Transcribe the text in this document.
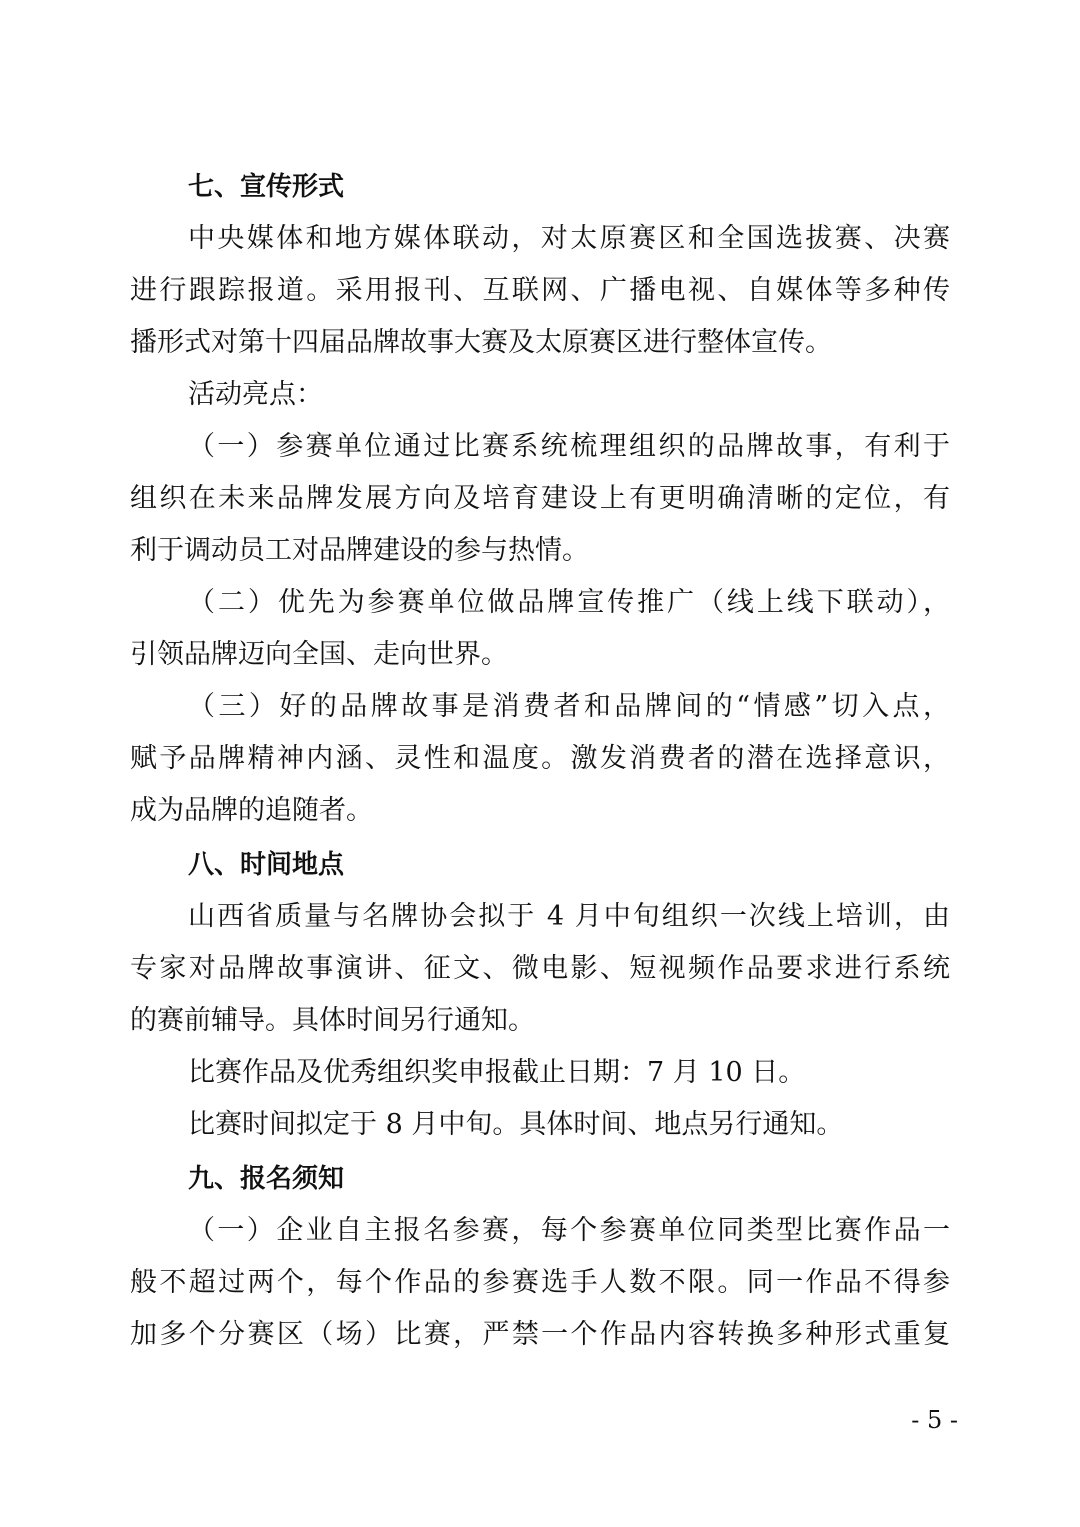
七、宣传形式
中央媒体和地方媒体联动，对太原赛区和全国选拔赛、决赛
进行跟踪报道。采用报刊、互联网、广播电视、自媒体等多种传
播形式对第十四届品牌故事大赛及太原赛区进行整体宣传。
活动亮点：
（一）参赛单位通过比赛系统梳理组织的品牌故事，有利于
组织在未来品牌发展方向及培育建设上有更明确清晰的定位，有
利于调动员工对品牌建设的参与热情。
（二）优先为参赛单位做品牌宣传推广（线上线下联动），
引领品牌迈向全国、走向世界。
（三）好的品牌故事是消费者和品牌间的“情感”切入点，
赋予品牌精神内涵、灵性和温度。激发消费者的潜在选择意识，
成为品牌的追随者。
八、时间地点
山西省质量与名牌协会拟于 4 月中旬组织一次线上培训，由
专家对品牌故事演讲、征文、微电影、短视频作品要求进行系统
的赛前辅导。具体时间另行通知。
比赛作品及优秀组织奖申报截止日期：7 月 10 日。
比赛时间拟定于 8 月中旬。具体时间、地点另行通知。
九、报名须知
（一）企业自主报名参赛，每个参赛单位同类型比赛作品一
般不超过两个，每个作品的参赛选手人数不限。同一作品不得参
加多个分赛区（场）比赛，严禁一个作品内容转换多种形式重复
- 5 -
